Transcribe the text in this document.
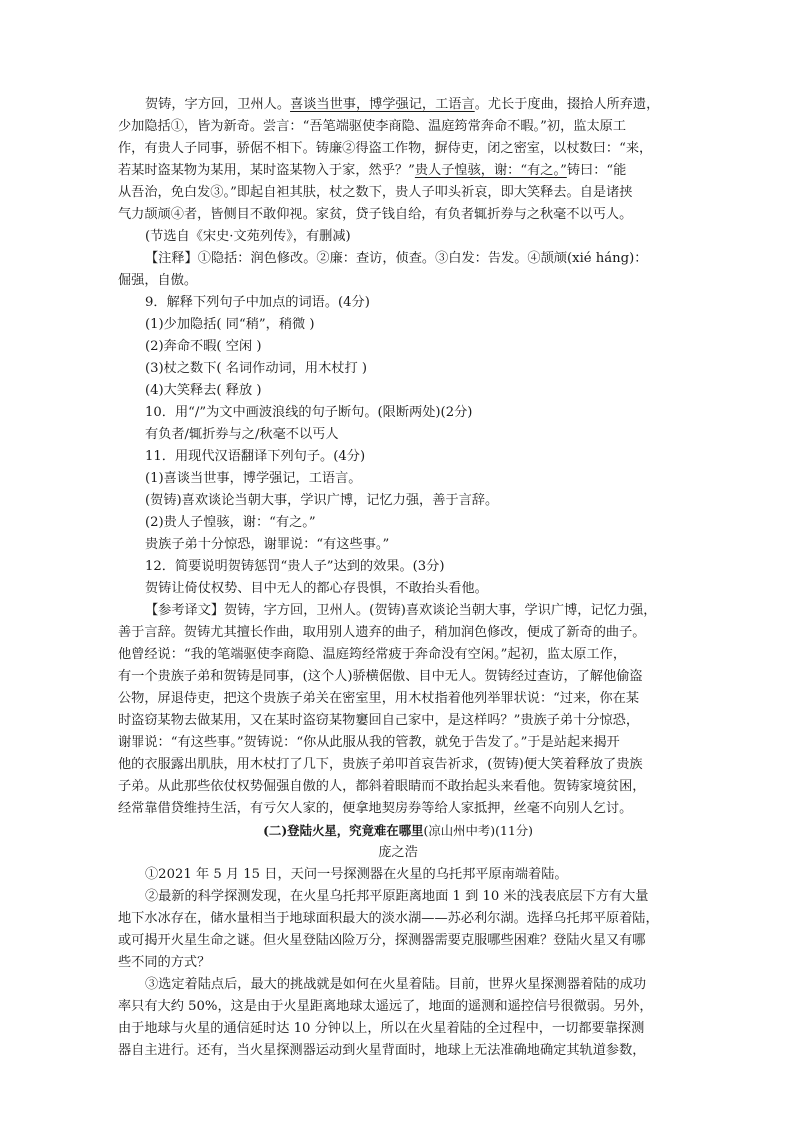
贺铸，字方回，卫州人。喜谈当世事，博学强记，工语言。尤长于度曲，掇拾人所弃遗，

少加隐括①，皆为新奇。尝言：“吾笔端驱使李商隐、温庭筠常奔命不暇。”初，监太原工

作，有贵人子同事，骄倨不相下。铸廉②得盗工作物，摒侍吏，闭之密室，以杖数曰：“来，

若某时盗某物为某用，某时盗某物入于家，然乎？”贵人子惶骇，谢：“有之。”铸曰：“能

从吾治，免白发③。”即起自袒其肤，杖之数下，贵人子叩头祈哀，即大笑释去。自是诸挟

气力颉颃④者，皆侧目不敢仰视。家贫，贷子钱自给，有负者辄折券与之秋毫不以丐人。

(节选自《宋史·文苑列传》，有删减)

【注释】①隐括：润色修改。②廉：查访，侦查。③白发：告发。④颉颃(xié háng)：

倔强，自傲。

9．解释下列句子中加点的词语。(4分)

(1)少加隐括( 同“稍”，稍微 )

(2)奔命不暇( 空闲 )

(3)杖之数下( 名词作动词，用木杖打 )

(4)大笑释去( 释放 )

10．用“/”为文中画波浪线的句子断句。(限断两处)(2分)

有负者/辄折券与之/秋毫不以丐人

11．用现代汉语翻译下列句子。(4分)

(1)喜谈当世事，博学强记，工语言。

(贺铸)喜欢谈论当朝大事，学识广博，记忆力强，善于言辞。

(2)贵人子惶骇，谢：“有之。”

贵族子弟十分惊恐，谢罪说：“有这些事。”

12．简要说明贺铸惩罚“贵人子”达到的效果。(3分)

贺铸让倚仗权势、目中无人的都心存畏惧，不敢抬头看他。

【参考译文】贺铸，字方回，卫州人。(贺铸)喜欢谈论当朝大事，学识广博，记忆力强，

善于言辞。贺铸尤其擅长作曲，取用别人遗弃的曲子，稍加润色修改，便成了新奇的曲子。

他曾经说：“我的笔端驱使李商隐、温庭筠经常疲于奔命没有空闲。”起初，监太原工作，

有一个贵族子弟和贺铸是同事，(这个人)骄横倨傲、目中无人。贺铸经过查访，了解他偷盗

公物，屏退侍吏，把这个贵族子弟关在密室里，用木杖指着他列举罪状说：“过来，你在某

时盗窃某物去做某用，又在某时盗窃某物窶回自己家中，是这样吗？”贵族子弟十分惊恐，

谢罪说：“有这些事。”贺铸说：“你从此服从我的管教，就免于告发了。”于是站起来揭开

他的衣服露出肌肤，用木杖打了几下，贵族子弟叩首哀告祈求，(贺铸)便大笑着释放了贵族

子弟。从此那些依仗权势倔强自傲的人，都斜着眼睛而不敢抬起头来看他。贺铸家境贫困，

经常靠借贷维持生活，有亏欠人家的，便拿地契房券等给人家抵押，丝毫不向别人乞讨。

(二)登陆火星，究竟难在哪里(凉山州中考)(11分)

庞之浩

①2021 年 5 月 15 日，天问一号探测器在火星的乌托邦平原南端着陆。

②最新的科学探测发现，在火星乌托邦平原距离地面 1 到 10 米的浅表底层下方有大量

地下水冰存在，储水量相当于地球面积最大的淡水湖——苏必利尔湖。选择乌托邦平原着陆，

或可揭开火星生命之谜。但火星登陆凶险万分，探测器需要克服哪些困难？登陆火星又有哪

些不同的方式？

③选定着陆点后，最大的挑战就是如何在火星着陆。目前，世界火星探测器着陆的成功

率只有大约 50%，这是由于火星距离地球太遥远了，地面的遥测和遥控信号很微弱。另外，

由于地球与火星的通信延时达 10 分钟以上，所以在火星着陆的全过程中，一切都要靠探测

器自主进行。还有，当火星探测器运动到火星背面时，地球上无法准确地确定其轨道参数，
